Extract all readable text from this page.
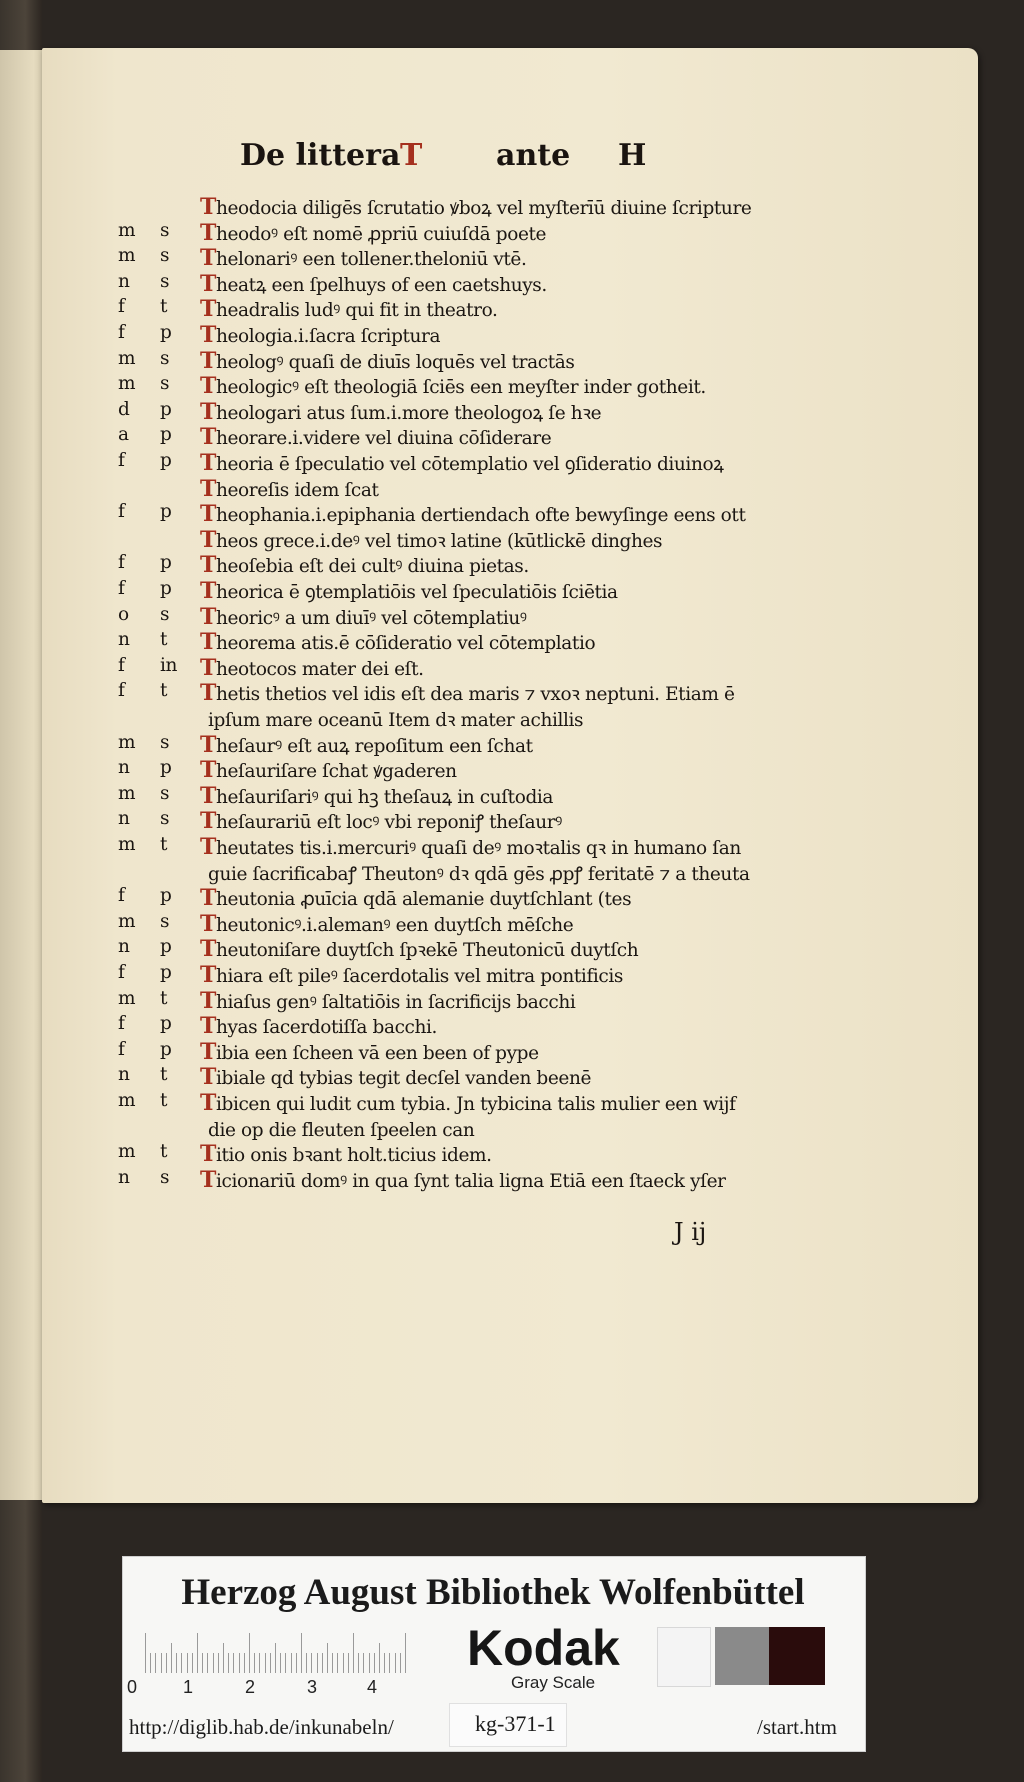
De littera T ante H
Theodocia diligēs ſcrutatio ꝟboꝝ vel myſterīū diuine ſcripture
m s	Theodoꝰ eſt nomē ꝓpriū cuiuſdā poete
m s	Thelonariꝰ een tollener.theloniū vtē.
n	s	Theatꝝ een ſpelhuys of een caetshuys.
f	t	Theadralis ludꝰ qui fit in theatro.
f	p	Theologia.i.ſacra ſcriptura
m s	Theologꝰ quaſi de diuīs loquēs vel tractās
m s	Theologicꝰ eſt theologiā ſciēs een meyſter inder gotheit.
d	p	Theologari atus ſum.i.more theologoꝝ ſe hꝛe
a	p	Theorare.i.videre vel diuina cōſiderare
f	p	Theoria ē ſpeculatio vel cōtemplatio vel ꝯſideratio diuinoꝝ
Theoreſis idem ſcat
f	p	Theophania.i.epiphania dertiendach ofte bewyſinge eens ott
Theos grece.i.deꝰ vel timoꝛ latine (kūtlickē dinghes
f	p	Theoſebia eſt dei cultꝰ diuina pietas.
f	p	Theorica ē ꝯtemplatiōis vel ſpeculatiōis ſciētia
o	s	Theoricꝰ a um diuīꝰ vel cōtemplatiuꝰ
n	t	Theorema atis.ē cōſideratio vel cōtemplatio
f	in Theotocos mater dei eſt.
f	t	Thetis thetios vel idis eſt dea maris ⁊ vxoꝛ neptuni. Etiam ē
ipſum mare oceanū Item dꝛ mater achillis
m s	Theſaurꝰ eſt auꝝ repoſitum een ſchat
n	p	Theſauriſare ſchat ꝟgaderen
m s	Theſauriſariꝰ qui hꝫ theſauꝝ in cuſtodia
n	s	Theſaurariū eſt locꝰ vbi reponiꝭ theſaurꝰ
m t	Theutates tis.i.mercuriꝰ quaſi deꝰ moꝛtalis qꝛ in humano ſan
guie ſacrificabaꝭ Theutonꝰ dꝛ qdā gēs ꝓpꝭ feritatē ⁊ a theuta
f	p	Theutonia ꝓuīcia qdā alemanie duytſchlant (tes
m s	Theutonicꝰ.i.alemanꝰ een duytſch mēſche
n	p	Theutoniſare duytſch ſpꝛekē Theutonicū duytſch
f	p	Thiara eſt pileꝰ ſacerdotalis vel mitra pontificis
m t	Thiaſus genꝰ ſaltatiōis in ſacrificijs bacchi
f	p	Thyas ſacerdotiſſa bacchi.
f	p	Tibia een ſcheen vā een been of pype
n	t	Tibiale qd tybias tegit decſel vanden beenē
m t	Tibicen qui ludit cum tybia. Jn tybicina talis mulier een wijf
die op die fleuten ſpeelen can
m t	Titio onis bꝛant holt.ticius idem.
n	s	Ticionariū domꝰ in qua ſynt talia ligna Etiā een ſtaeck yſer
J ij
Herzog August Bibliothek Wolfenbüttel
0	1	2	3	4
Kodak
Gray Scale
http://diglib.hab.de/inkunabeln/	kg-371-1	/start.htm
